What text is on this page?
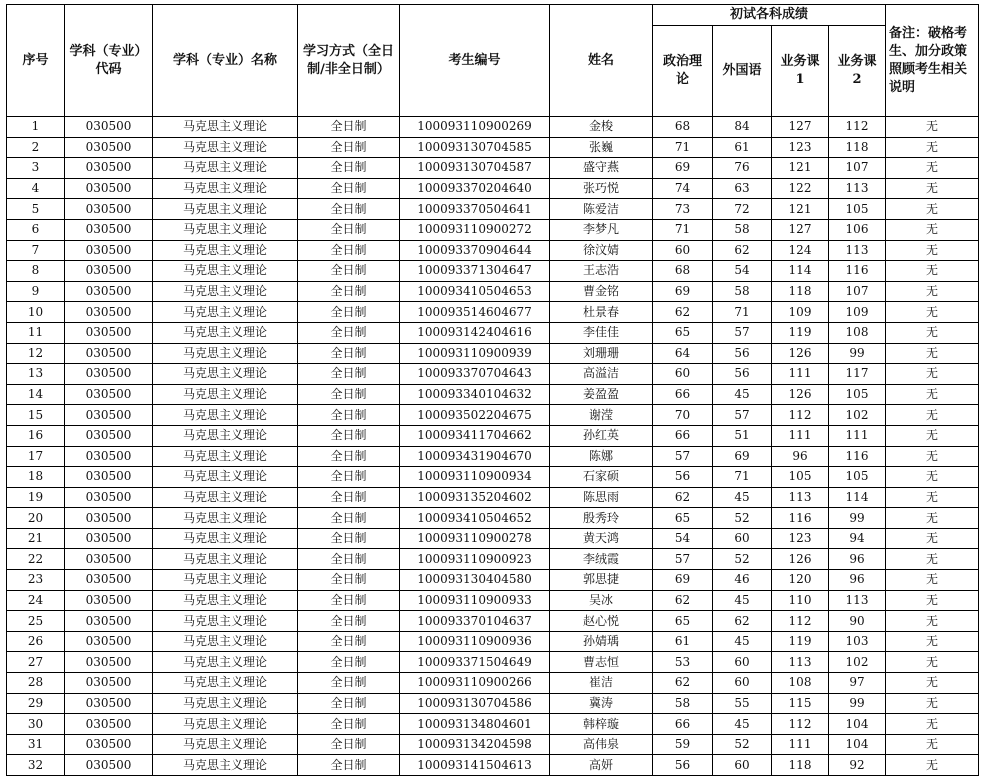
序号	学科（专业）代码	学科（专业）名称	学习方式（全日制/非全日制）	考生编号	姓名	初试各科成绩				备注：破格考生、加分政策照顾考生相关说明
						政治理论	外国语	业务课1	业务课2	
1	030500	马克思主义理论	全日制	100093110900269	金梭	68	84	127	112	无
2	030500	马克思主义理论	全日制	100093130704585	张巍	71	61	123	118	无
3	030500	马克思主义理论	全日制	100093130704587	盛守燕	69	76	121	107	无
4	030500	马克思主义理论	全日制	100093370204640	张巧悦	74	63	122	113	无
5	030500	马克思主义理论	全日制	100093370504641	陈爱洁	73	72	121	105	无
6	030500	马克思主义理论	全日制	100093110900272	李梦凡	71	58	127	106	无
7	030500	马克思主义理论	全日制	100093370904644	徐汶婧	60	62	124	113	无
8	030500	马克思主义理论	全日制	100093371304647	王志浩	68	54	114	116	无
9	030500	马克思主义理论	全日制	100093410504653	曹金铭	69	58	118	107	无
10	030500	马克思主义理论	全日制	100093514604677	杜景春	62	71	109	109	无
11	030500	马克思主义理论	全日制	100093142404616	李佳佳	65	57	119	108	无
12	030500	马克思主义理论	全日制	100093110900939	刘珊珊	64	56	126	99	无
13	030500	马克思主义理论	全日制	100093370704643	高溢洁	60	56	111	117	无
14	030500	马克思主义理论	全日制	100093340104632	姜盈盈	66	45	126	105	无
15	030500	马克思主义理论	全日制	100093502204675	谢滢	70	57	112	102	无
16	030500	马克思主义理论	全日制	100093411704662	孙红英	66	51	111	111	无
17	030500	马克思主义理论	全日制	100093431904670	陈娜	57	69	96	116	无
18	030500	马克思主义理论	全日制	100093110900934	石家硕	56	71	105	105	无
19	030500	马克思主义理论	全日制	100093135204602	陈思雨	62	45	113	114	无
20	030500	马克思主义理论	全日制	100093410504652	殷秀玲	65	52	116	99	无
21	030500	马克思主义理论	全日制	100093110900278	黄天鸿	54	60	123	94	无
22	030500	马克思主义理论	全日制	100093110900923	李绒霞	57	52	126	96	无
23	030500	马克思主义理论	全日制	100093130404580	郭思捷	69	46	120	96	无
24	030500	马克思主义理论	全日制	100093110900933	吴冰	62	45	110	113	无
25	030500	马克思主义理论	全日制	100093370104637	赵心悦	65	62	112	90	无
26	030500	马克思主义理论	全日制	100093110900936	孙婧瑀	61	45	119	103	无
27	030500	马克思主义理论	全日制	100093371504649	曹志恒	53	60	113	102	无
28	030500	马克思主义理论	全日制	100093110900266	崔洁	62	60	108	97	无
29	030500	马克思主义理论	全日制	100093130704586	冀涛	58	55	115	99	无
30	030500	马克思主义理论	全日制	100093134804601	韩梓璇	66	45	112	104	无
31	030500	马克思主义理论	全日制	100093134204598	高伟泉	59	52	111	104	无
32	030500	马克思主义理论	全日制	100093141504613	高妍	56	60	118	92	无
